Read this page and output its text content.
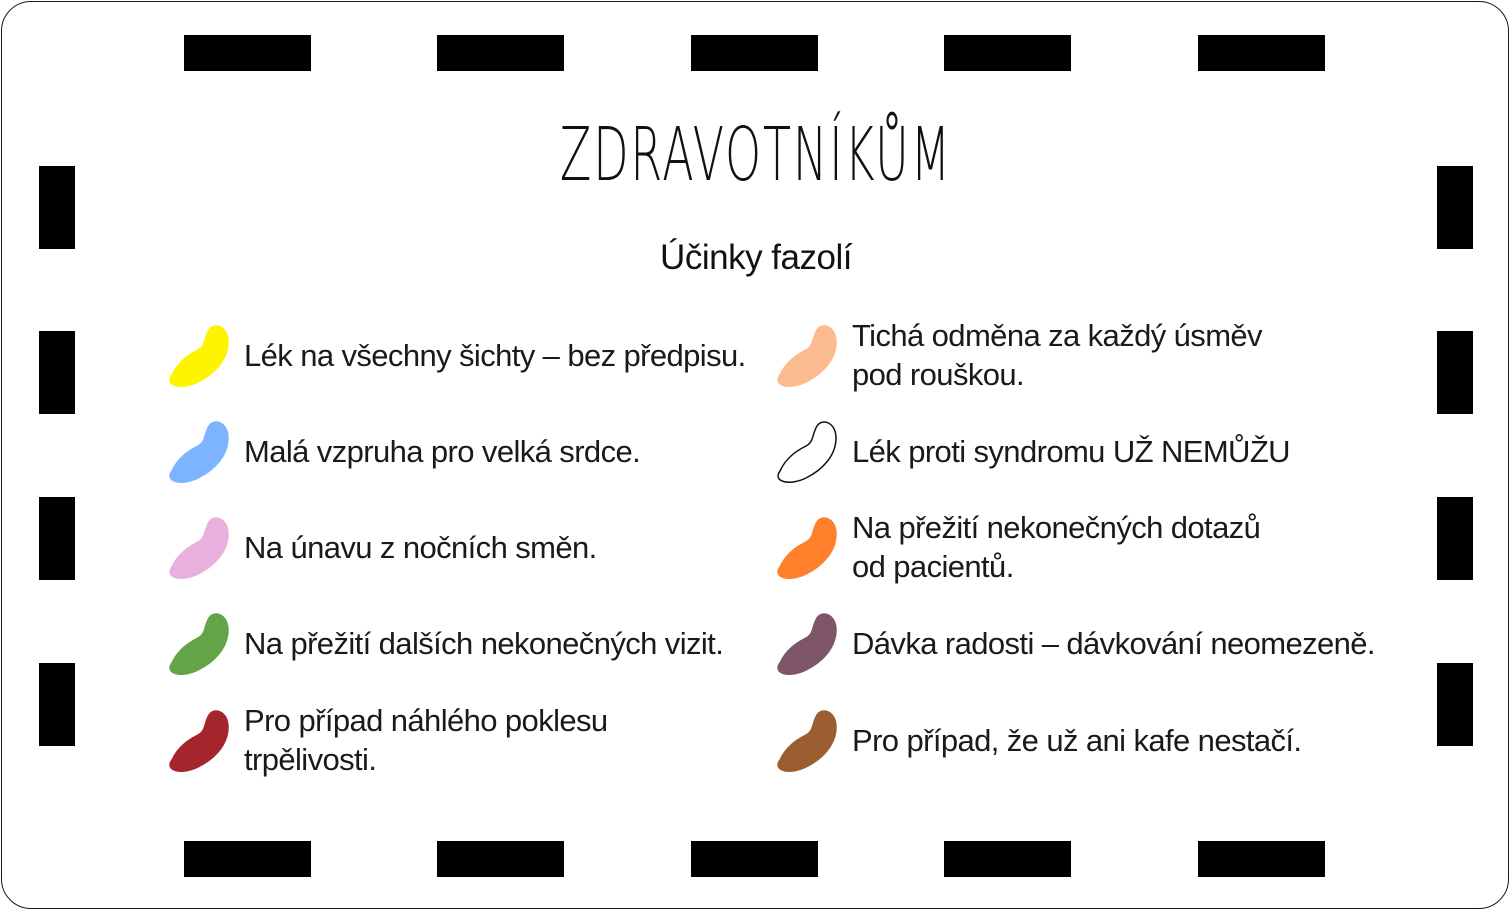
ZDRAVOTNÍKŮM
Účinky fazolí
Lék na všechny šichty – bez předpisu.
Malá vzpruha pro velká srdce.
Na únavu z nočních směn.
Na přežití dalších nekonečných vizit.
Pro případ náhlého poklesu
trpělivosti.
Tichá odměna za každý úsměv
pod rouškou.
Lék proti syndromu UŽ NEMŮŽU
Na přežití nekonečných dotazů
od pacientů.
Dávka radosti – dávkování neomezeně.
Pro případ, že už ani kafe nestačí.
